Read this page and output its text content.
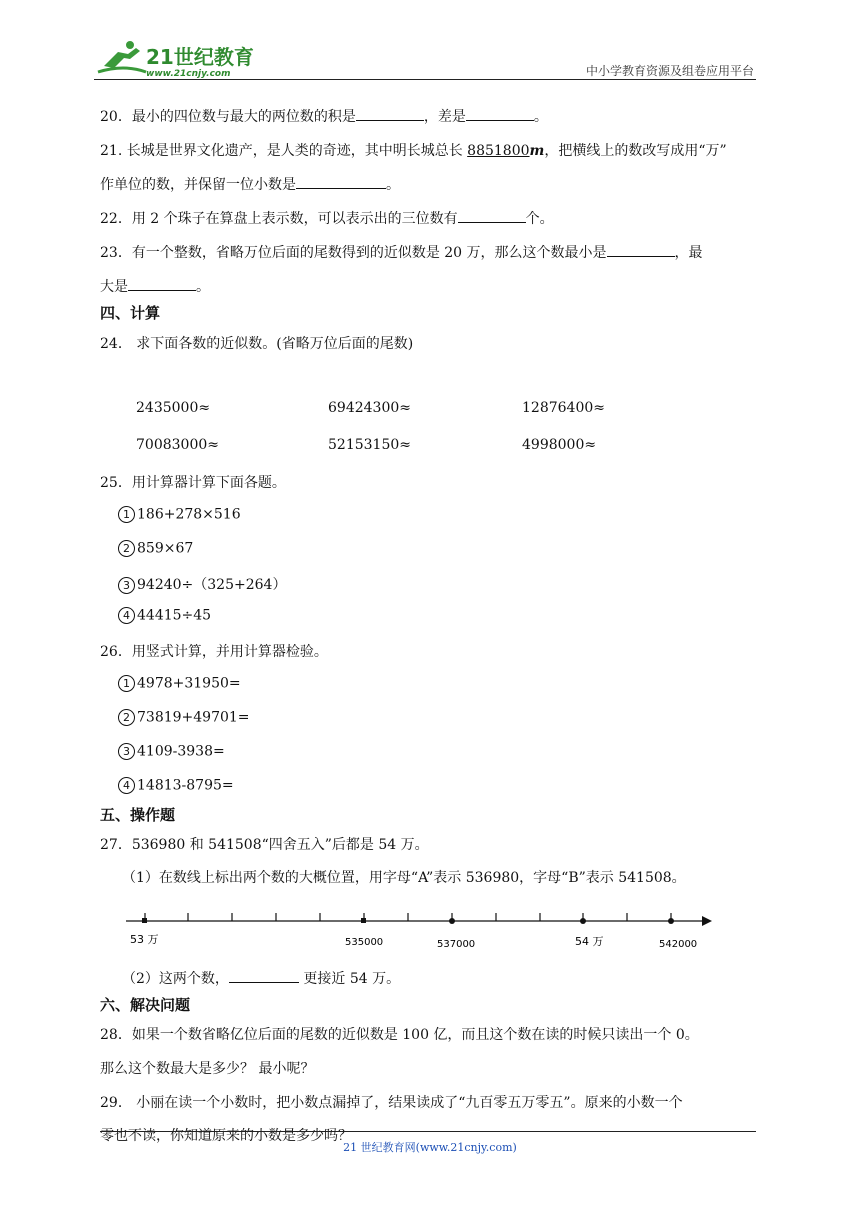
21世纪教育
www.21cnjy.com	中小学教育资源及组卷应用平台
20．最小的四位数与最大的两位数的积是	，差是	。
21. 长城是世界文化遗产，是人类的奇迹，其中明长城总长 8851800m，把横线上的数改写成用“万”
作单位的数，并保留一位小数是	。
22．用 2 个珠子在算盘上表示数，可以表示出的三位数有	个。
23．有一个整数，省略万位后面的尾数得到的近似数是 20 万，那么这个数最小是	，最
大是	。
四、计算
24． 求下面各数的近似数。(省略万位后面的尾数)
2435000≈	69424300≈	12876400≈
70083000≈	52153150≈	4998000≈
25．用计算器计算下面各题。
1 186+278×516
2 859×67
3 94240÷（325+264）
4 44415÷45
26．用竖式计算，并用计算器检验。
1 4978+31950=
2 73819+49701=
3 4109-3938=
4 14813-8795=
五、操作题
27．536980 和 541508“四舍五入”后都是 54 万。
（1）在数线上标出两个数的大概位置，用字母“A”表示 536980，字母“B”表示 541508。
53 万	535000	537000	54 万	542000
（2）这两个数，	更接近 54 万。
六、解决问题
28．如果一个数省略亿位后面的尾数的近似数是 100 亿，而且这个数在读的时候只读出一个 0。
那么这个数最大是多少？ 最小呢？
29． 小丽在读一个小数时，把小数点漏掉了，结果读成了“九百零五万零五”。原来的小数一个
零也不读，你知道原来的小数是多少吗？
21 世纪教育网(www.21cnjy.com)
